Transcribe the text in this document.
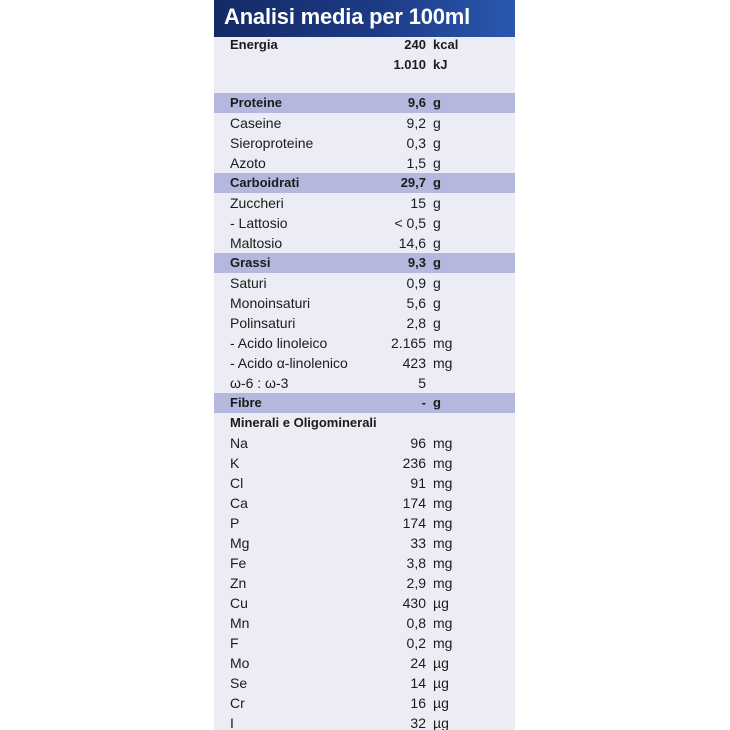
Analisi media per 100ml
Energia	240 kcal
1.010 kJ
Proteine	9,6 g
Caseine	9,2 g
Sieroproteine	0,3 g
Azoto	1,5 g
Carboidrati	29,7 g
Zuccheri	15 g
- Lattosio	< 0,5 g
Maltosio	14,6 g
Grassi	9,3 g
Saturi	0,9 g
Monoinsaturi	5,6 g
Polinsaturi	2,8 g
- Acido linoleico	2.165 mg
- Acido α-linolenico	423 mg
ω-6 : ω-3	5
Fibre	- g
Minerali e Oligominerali
Na	96 mg
K	236 mg
Cl	91 mg
Ca	174 mg
P	174 mg
Mg	33 mg
Fe	3,8 mg
Zn	2,9 mg
Cu	430 µg
Mn	0,8 mg
F	0,2 mg
Mo	24 µg
Se	14 µg
Cr	16 µg
I	32 µg
